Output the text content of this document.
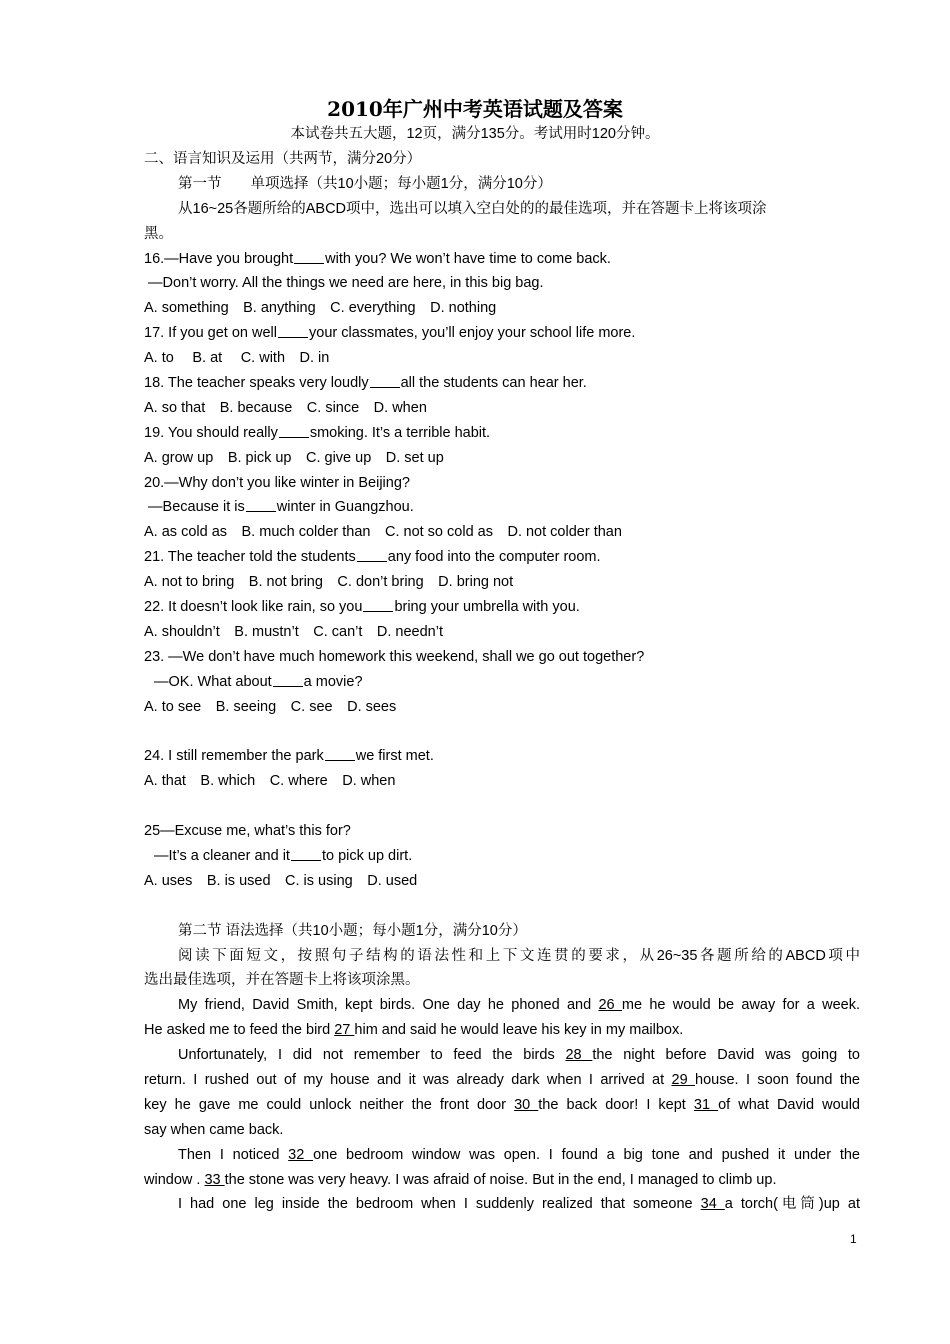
2010年广州中考英语试题及答案
本试卷共五大题，12页，满分135分。考试用时120分钟。
二、语言知识及运用（共两节，满分20分）
第一节　　单项选择（共10小题；每小题1分，满分10分）
从16~25各题所给的ABCD项中，选出可以填入空白处的的最佳选项，并在答题卡上将该项涂
黑。
16.—Have you brought with you? We won’t have time to come back.
—Don’t worry. All the things we need are here, in this big bag.
A. something　B. anything　C. everything　D. nothing
17. If you get on well your classmates, you’ll enjoy your school life more.
A. to　 B. at　 C. with　D. in
18. The teacher speaks very loudly all the students can hear her.
A. so that　B. because　C. since　D. when
19. You should really smoking. It’s a terrible habit.
A. grow up　B. pick up　C. give up　D. set up
20.—Why don’t you like winter in Beijing?
—Because it is winter in Guangzhou.
A. as cold as　B. much colder than　C. not so cold as　D. not colder than
21. The teacher told the students any food into the computer room.
A. not to bring　B. not bring　C. don’t bring　D. bring not
22. It doesn’t look like rain, so you bring your umbrella with you.
A. shouldn’t　B. mustn’t　C. can’t　D. needn’t
23. —We don’t have much homework this weekend, shall we go out together?
—OK. What about a movie?
A. to see　B. seeing　C. see　D. sees
24. I still remember the park we first met.
A. that　B. which　C. where　D. when
25—Excuse me, what’s this for?
—It’s a cleaner and it to pick up dirt.
A. uses　B. is used　C. is using　D. used
第二节 语法选择（共10小题；每小题1分，满分10分）
阅读下面短文，按照句子结构的语法性和上下文连贯的要求，从26~35各题所给的ABCD项中
选出最佳选项，并在答题卡上将该项涂黑。
My friend, David Smith, kept birds. One day he phoned and 26 me he would be away for a week.
He asked me to feed the bird 27 him and said he would leave his key in my mailbox.
Unfortunately, I did not remember to feed the birds 28 the night before David was going to
return. I rushed out of my house and it was already dark when I arrived at 29 house. I soon found the
key he gave me could unlock neither the front door 30 the back door! I kept 31 of what David would
say when came back.
Then I noticed 32 one bedroom window was open. I found a big tone and pushed it under the
window . 33 the stone was very heavy. I was afraid of noise. But in the end, I managed to climb up.
I had one leg inside the bedroom when I suddenly realized that someone 34 a torch(电筒)up at
1
